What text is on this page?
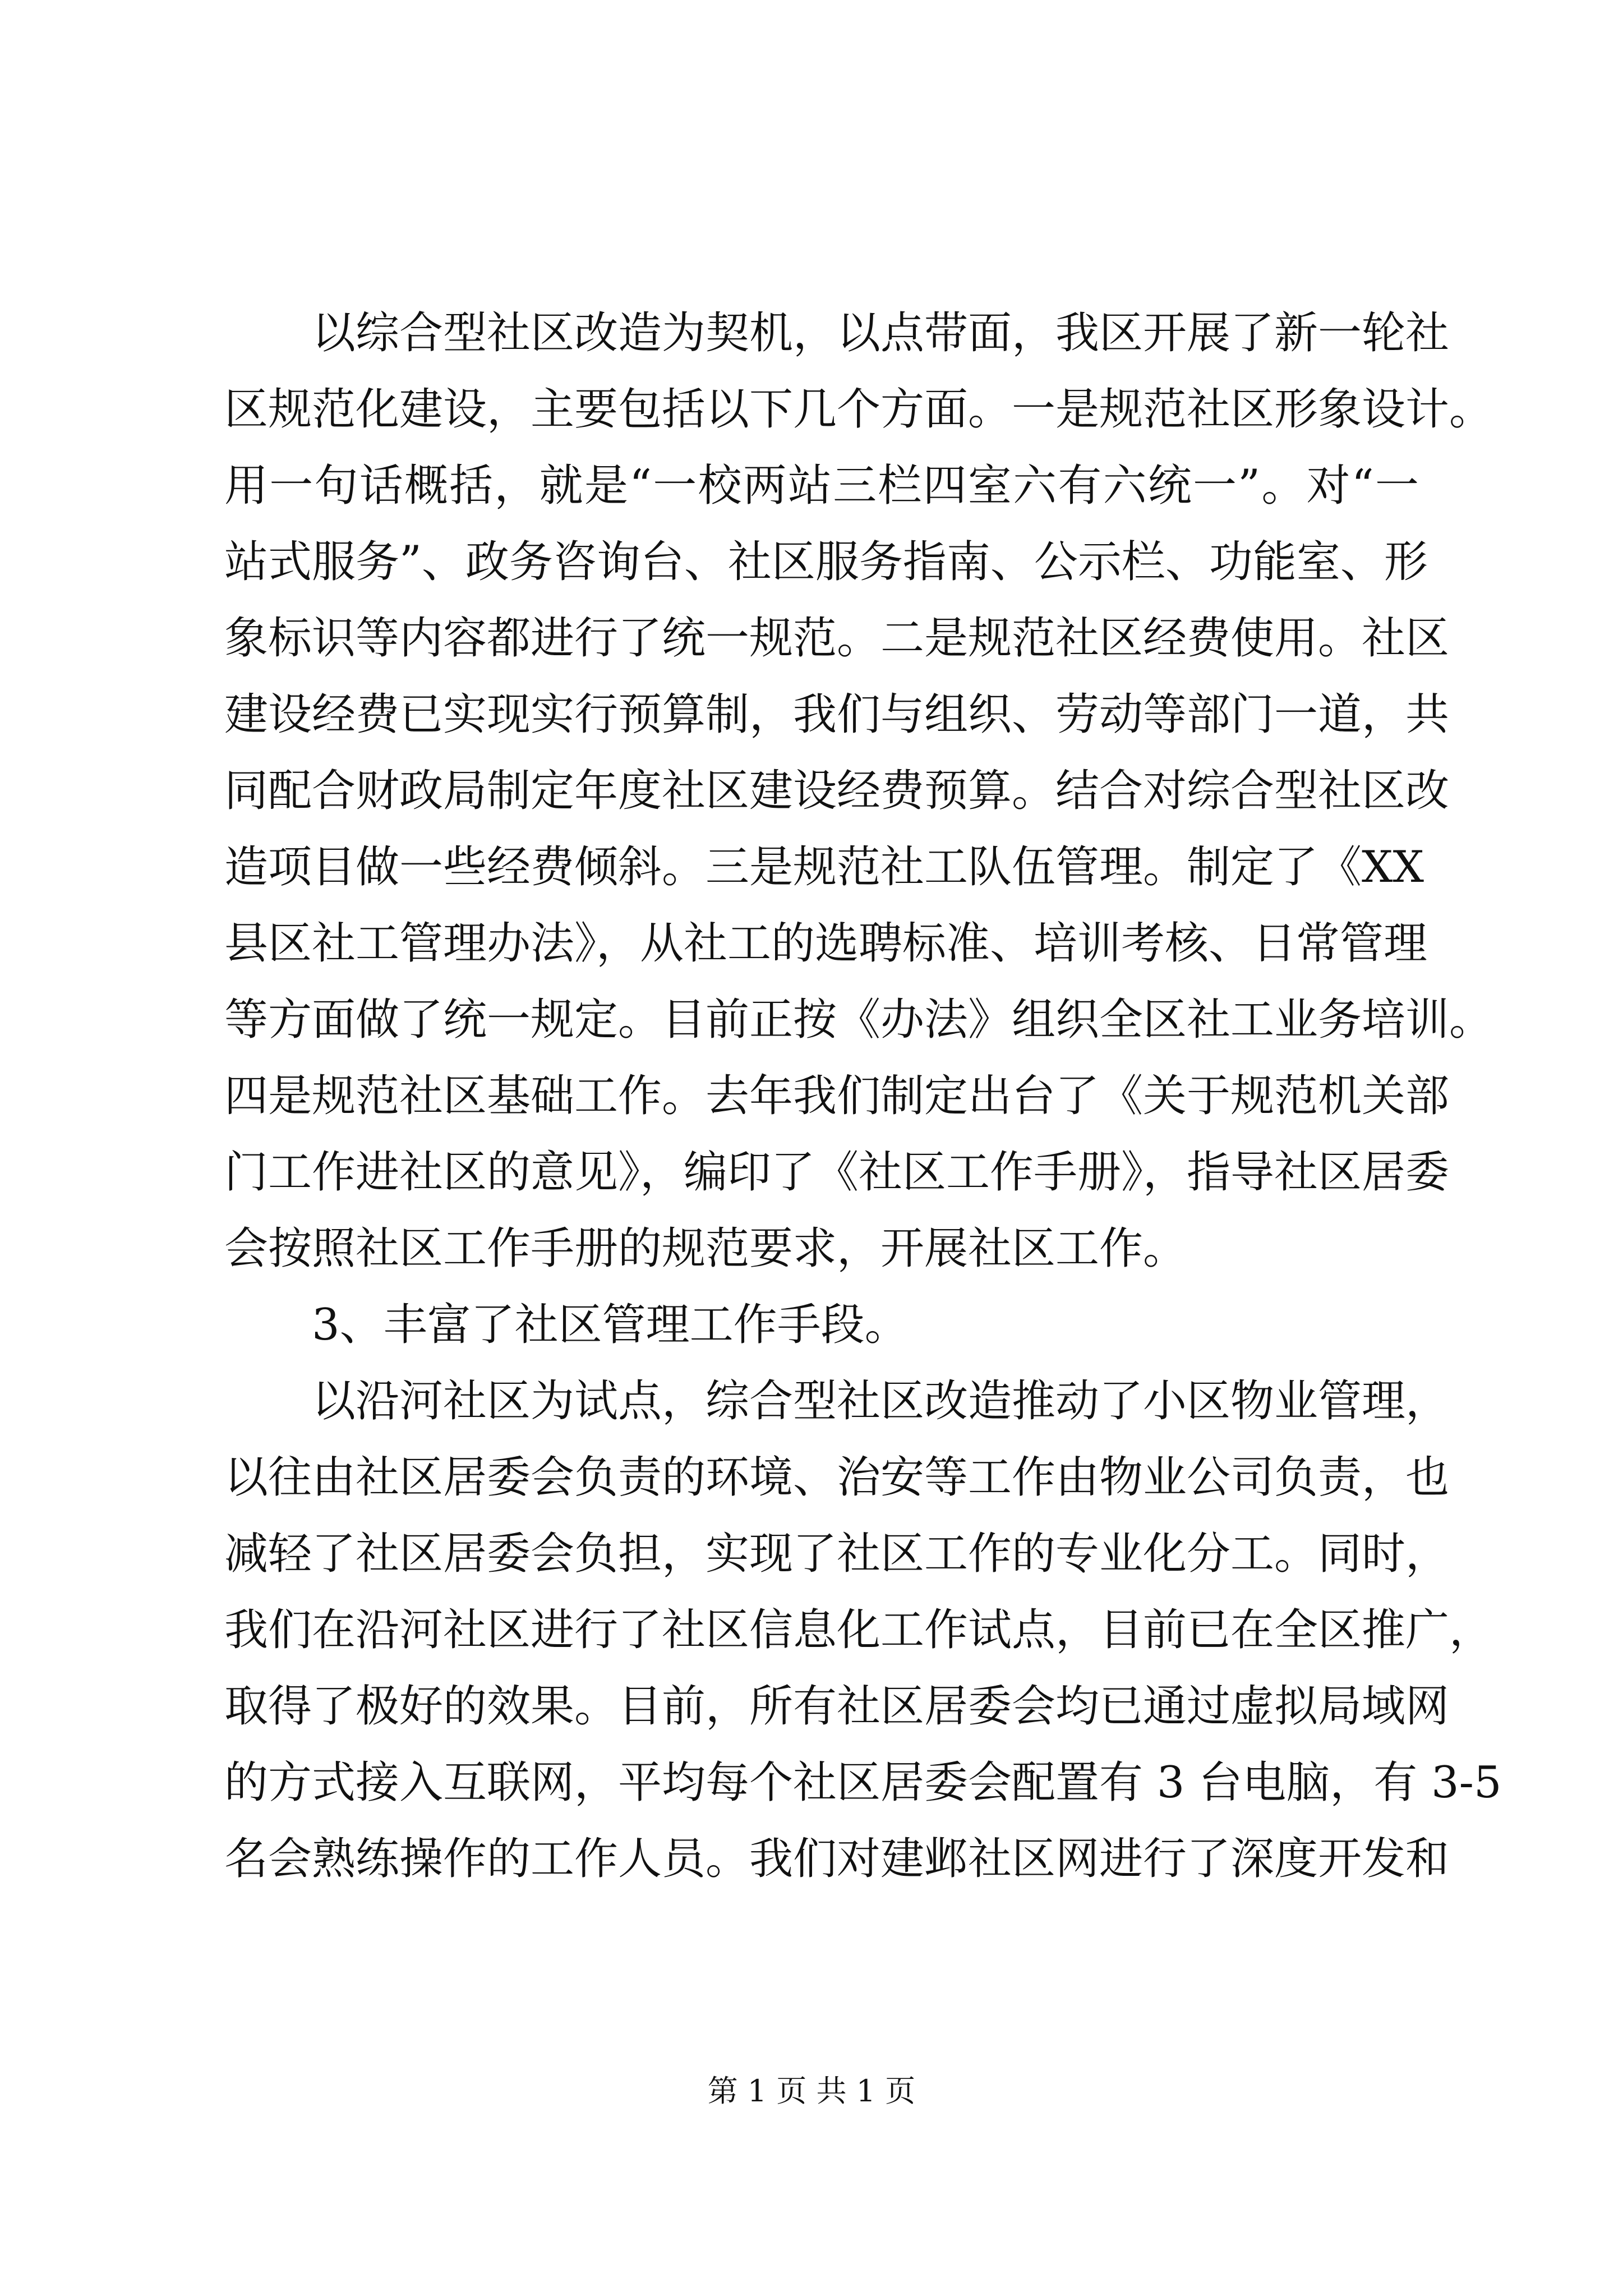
以综合型社区改造为契机，以点带面，我区开展了新一轮社
区规范化建设，主要包括以下几个方面。一是规范社区形象设计。
用一句话概括，就是“一校两站三栏四室六有六统一”。对“一
站式服务”、政务咨询台、社区服务指南、公示栏、功能室、形
象标识等内容都进行了统一规范。二是规范社区经费使用。社区
建设经费已实现实行预算制，我们与组织、劳动等部门一道，共
同配合财政局制定年度社区建设经费预算。结合对综合型社区改
造项目做一些经费倾斜。三是规范社工队伍管理。制定了《XX
县区社工管理办法》，从社工的选聘标准、培训考核、日常管理
等方面做了统一规定。目前正按《办法》组织全区社工业务培训。
四是规范社区基础工作。去年我们制定出台了《关于规范机关部
门工作进社区的意见》，编印了《社区工作手册》，指导社区居委
会按照社区工作手册的规范要求，开展社区工作。
3、丰富了社区管理工作手段。
以沿河社区为试点，综合型社区改造推动了小区物业管理，
以往由社区居委会负责的环境、治安等工作由物业公司负责，也
减轻了社区居委会负担，实现了社区工作的专业化分工。同时，
我们在沿河社区进行了社区信息化工作试点，目前已在全区推广，
取得了极好的效果。目前，所有社区居委会均已通过虚拟局域网
的方式接入互联网，平均每个社区居委会配置有 3 台电脑，有 3-5
名会熟练操作的工作人员。我们对建邺社区网进行了深度开发和
第 1 页 共 1 页
